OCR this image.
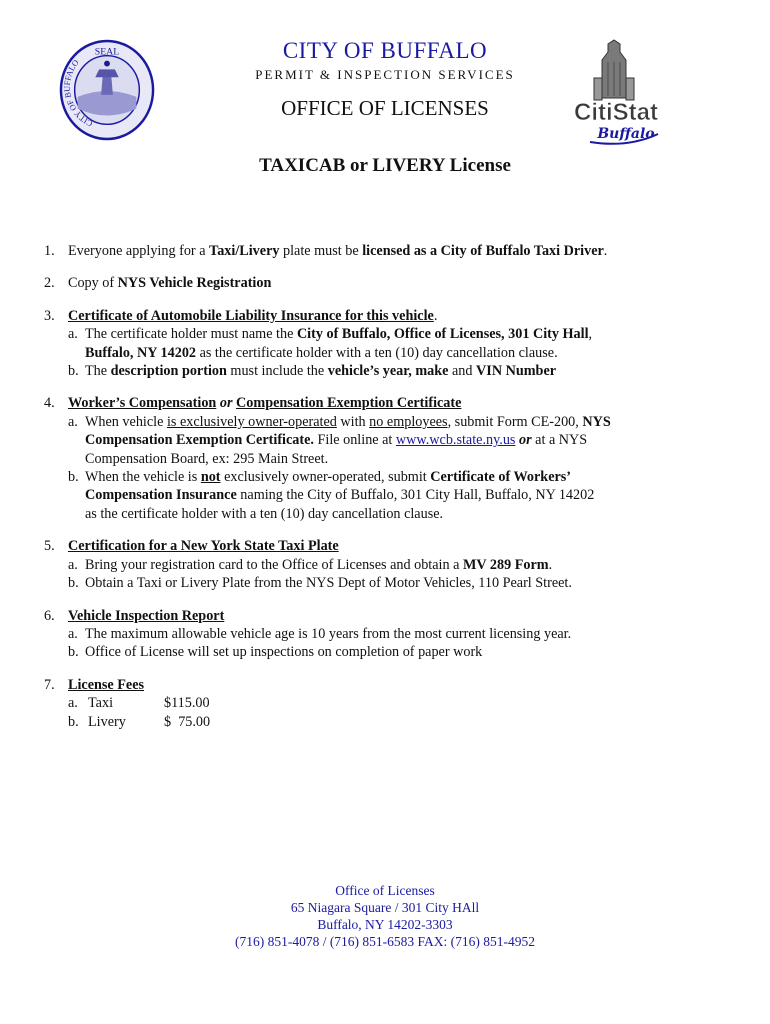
SEAL
CITY OF BUFFALO
CitiStat
Buffalo
CITY OF BUFFALO
PERMIT & INSPECTION SERVICES
OFFICE OF LICENSES
TAXICAB or LIVERY License
1. Everyone applying for a Taxi/Livery plate must be licensed as a City of Buffalo Taxi Driver.
2. Copy of NYS Vehicle Registration
3. Certificate of Automobile Liability Insurance for this vehicle.
a. The certificate holder must name the City of Buffalo, Office of Licenses, 301 City Hall,
Buffalo, NY 14202 as the certificate holder with a ten (10) day cancellation clause.
b. The description portion must include the vehicle’s year, make and VIN Number
4. Worker’s Compensation or Compensation Exemption Certificate
a. When vehicle is exclusively owner-operated with no employees, submit Form CE-200, NYS
Compensation Exemption Certificate. File online at www.wcb.state.ny.us or at a NYS
Compensation Board, ex: 295 Main Street.
b. When the vehicle is not exclusively owner-operated, submit Certificate of Workers’
Compensation Insurance naming the City of Buffalo, 301 City Hall, Buffalo, NY 14202
as the certificate holder with a ten (10) day cancellation clause.
5. Certification for a New York State Taxi Plate
a. Bring your registration card to the Office of Licenses and obtain a MV 289 Form.
b. Obtain a Taxi or Livery Plate from the NYS Dept of Motor Vehicles, 110 Pearl Street.
6. Vehicle Inspection Report
a. The maximum allowable vehicle age is 10 years from the most current licensing year.
b. Office of License will set up inspections on completion of paper work
7. License Fees
a. Taxi	$115.00
b. Livery	$  75.00
Office of Licenses
65 Niagara Square / 301 City HAll
Buffalo, NY 14202-3303
(716) 851-4078 / (716) 851-6583 FAX: (716) 851-4952
